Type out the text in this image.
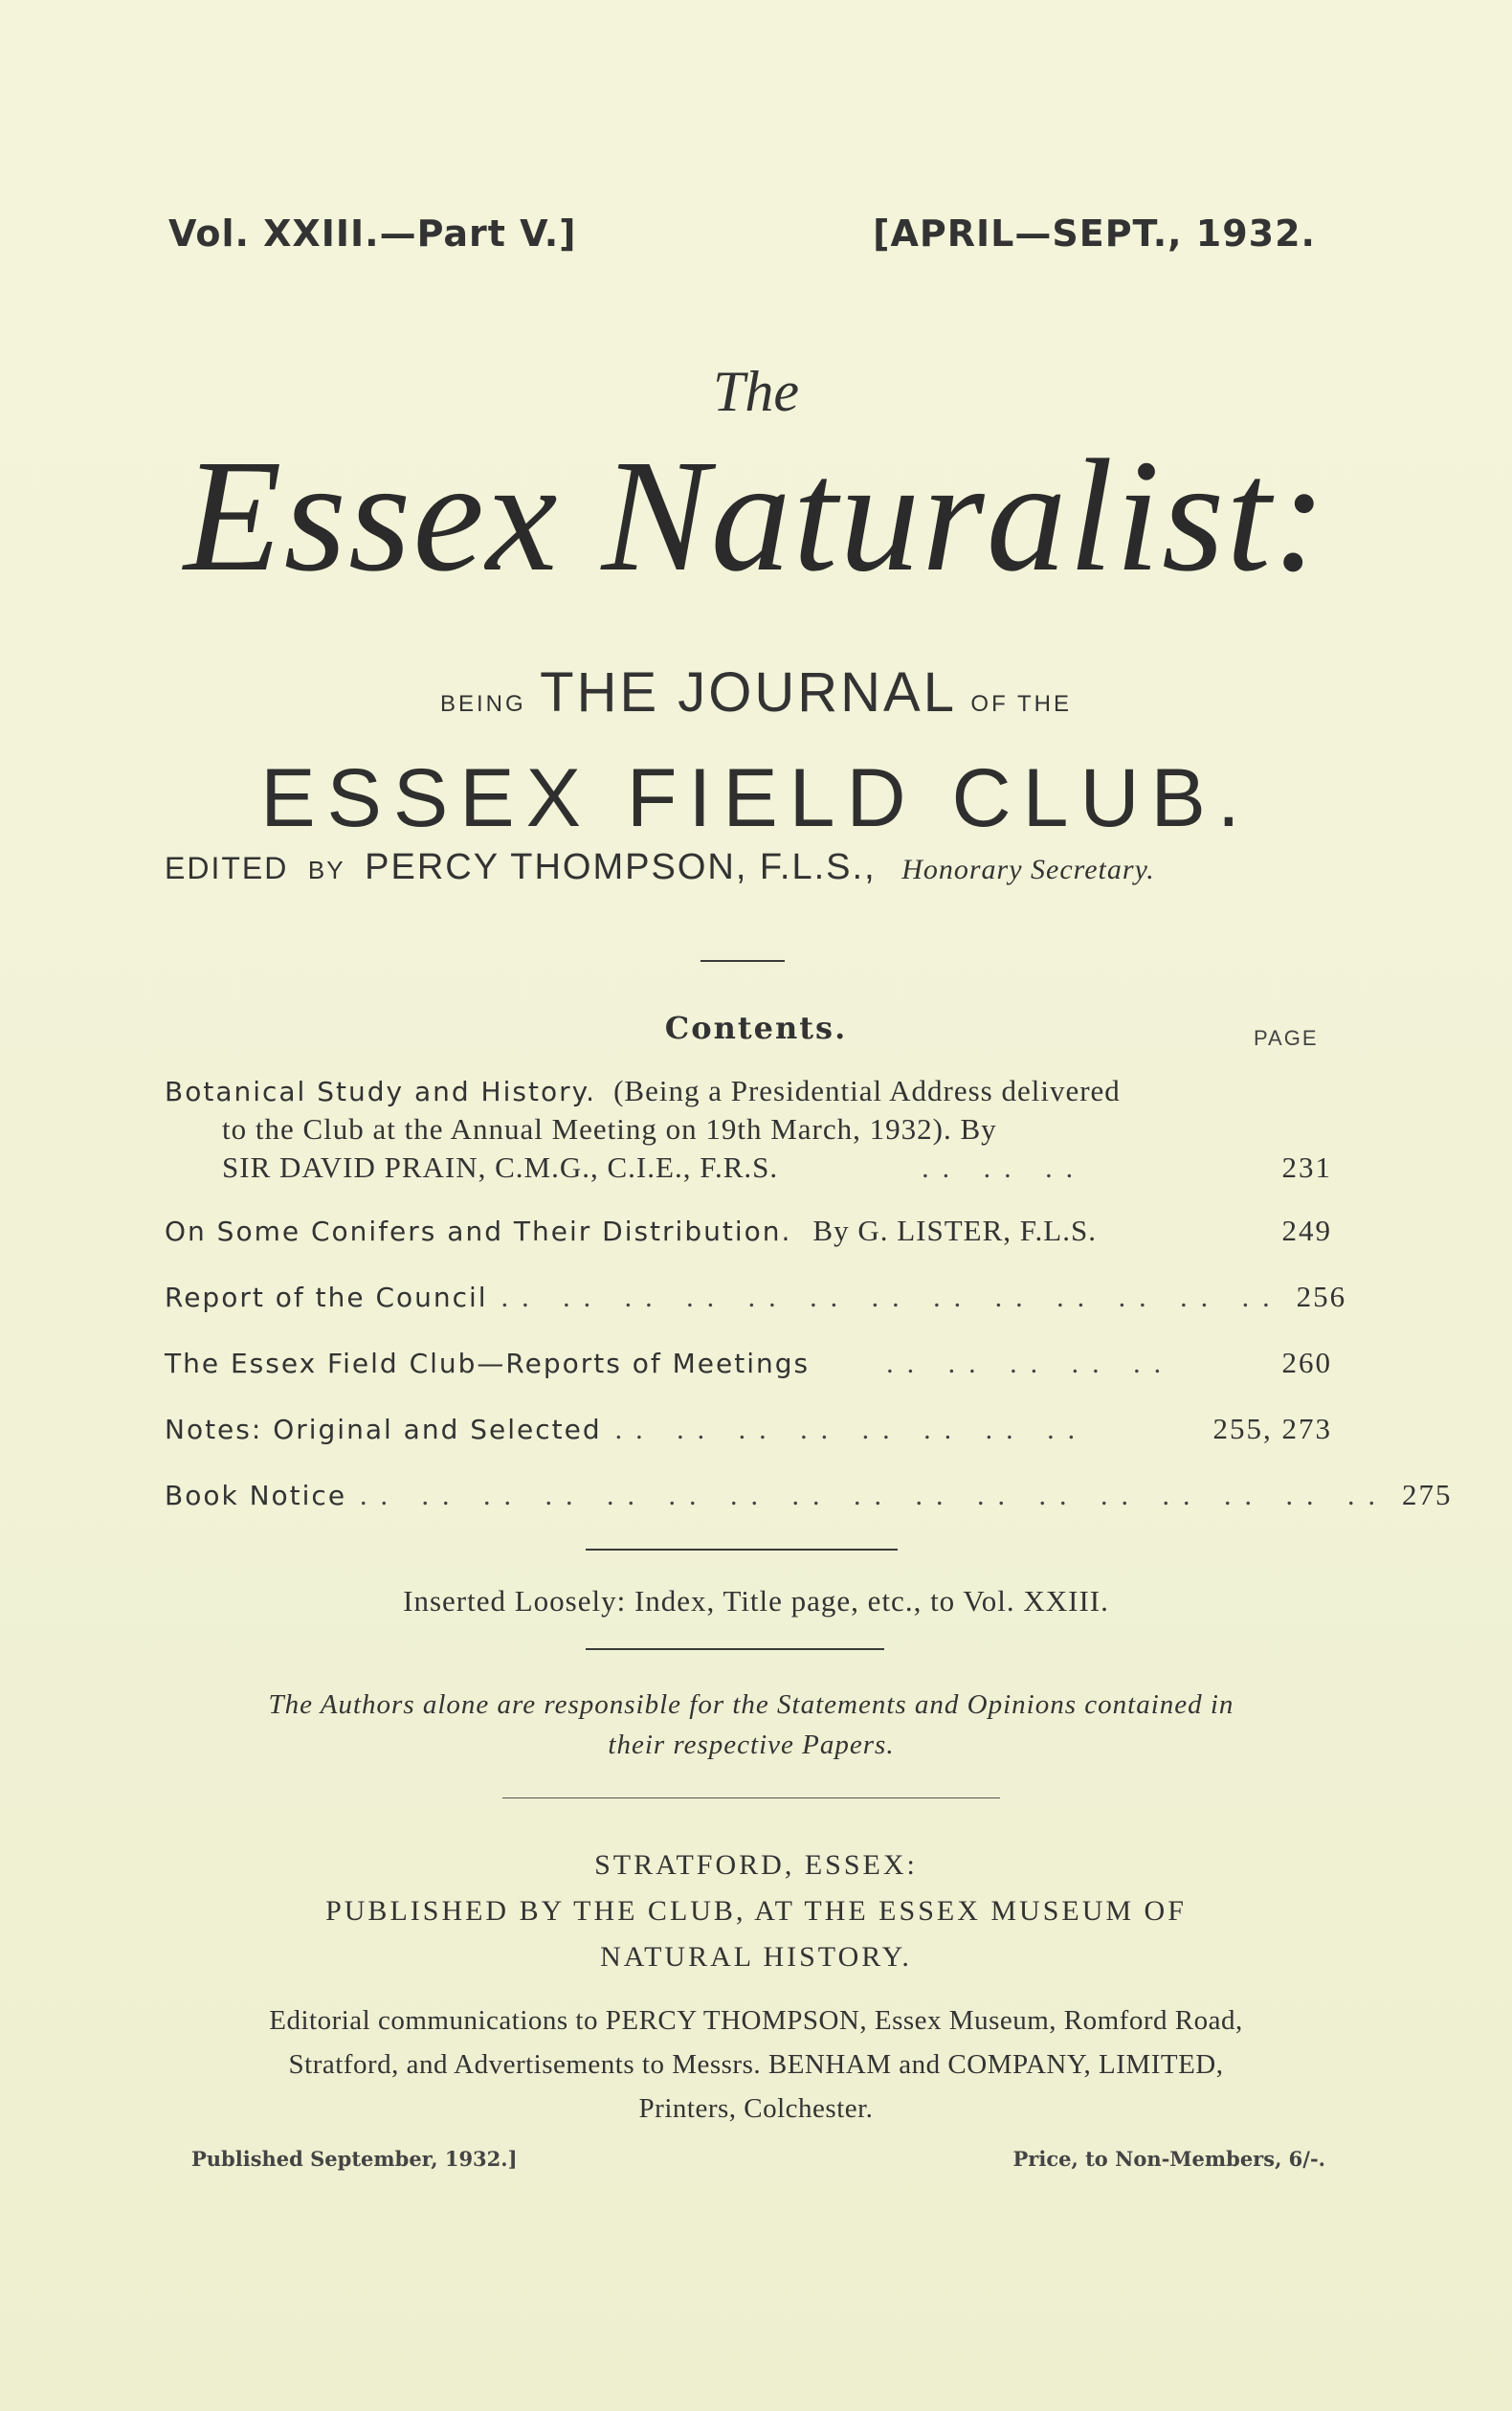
Vol. XXIII.—Part V.]	[APRIL—SEPT., 1932.
The
Essex Naturalist:
BEING THE JOURNAL OF THE
ESSEX FIELD CLUB.
EDITED BY PERCY THOMPSON, F.L.S., Honorary Secretary.
Contents.	PAGE
Botanical Study and History. (Being a Presidential Address delivered
to the Club at the Annual Meeting on 19th March, 1932). By
SIR DAVID PRAIN, C.M.G., C.I.E., F.R.S.	.. .. ..	231
On Some Conifers and Their Distribution. By G. LISTER, F.L.S.	249
Report of the Council .. .. .. .. .. .. .. .. .. .. .. .. .. 256
The Essex Field Club—Reports of Meetings	.. .. .. .. ..	260
Notes: Original and Selected .. .. .. .. .. .. .. ..	255, 273
Book Notice .. .. .. .. .. .. .. .. .. .. .. .. .. .. .. .. .. 275
Inserted Loosely: Index, Title page, etc., to Vol. XXIII.
The Authors alone are responsible for the Statements and Opinions contained in
their respective Papers.
STRATFORD, ESSEX:
PUBLISHED BY THE CLUB, AT THE ESSEX MUSEUM OF
NATURAL HISTORY.
Editorial communications to PERCY THOMPSON, Essex Museum, Romford Road,
Stratford, and Advertisements to Messrs. BENHAM and COMPANY, LIMITED,
Printers, Colchester.
Published September, 1932.]	Price, to Non-Members, 6/-.
